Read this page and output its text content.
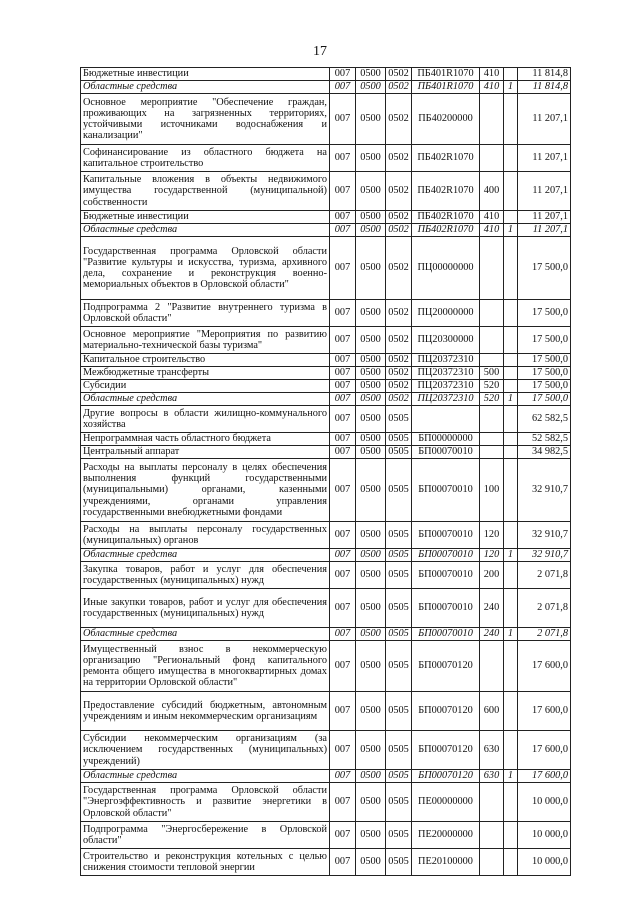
17
Бюджетные инвестиции	007	0500	0502	ПБ401R1070	410		11 814,8
Областные средства	007	0500	0502	ПБ401R1070	410	1	11 814,8
Основное мероприятие "Обеспечение граждан, проживающих на загрязненных территориях, устойчивыми источниками водоснабжения и канализации"	007	0500	0502	ПБ40200000			11 207,1
Софинансирование из областного бюджета на капитальное строительство	007	0500	0502	ПБ402R1070			11 207,1
Капитальные вложения в объекты недвижимого имущества государственной (муниципальной) собственности	007	0500	0502	ПБ402R1070	400		11 207,1
Бюджетные инвестиции	007	0500	0502	ПБ402R1070	410		11 207,1
Областные средства	007	0500	0502	ПБ402R1070	410	1	11 207,1
Государственная программа Орловской области "Развитие культуры и искусства, туризма, архивного дела, сохранение и реконструкция военно-мемориальных объектов в Орловской области"	007	0500	0502	ПЦ00000000			17 500,0
Подпрограмма 2 "Развитие внутреннего туризма в Орловской области"	007	0500	0502	ПЦ20000000			17 500,0
Основное мероприятие "Мероприятия по развитию материально-технической базы туризма"	007	0500	0502	ПЦ20300000			17 500,0
Капитальное строительство	007	0500	0502	ПЦ20372310			17 500,0
Межбюджетные трансферты	007	0500	0502	ПЦ20372310	500		17 500,0
Субсидии	007	0500	0502	ПЦ20372310	520		17 500,0
Областные средства	007	0500	0502	ПЦ20372310	520	1	17 500,0
Другие вопросы в области жилищно-коммунального хозяйства	007	0500	0505				62 582,5
Непрограммная часть областного бюджета	007	0500	0505	БП00000000			52 582,5
Центральный аппарат	007	0500	0505	БП00070010			34 982,5
Расходы на выплаты персоналу в целях обеспечения выполнения функций государственными (муниципальными) органами, казенными учреждениями, органами управления государственными внебюджетными фондами	007	0500	0505	БП00070010	100		32 910,7
Расходы на выплаты персоналу государственных (муниципальных) органов	007	0500	0505	БП00070010	120		32 910,7
Областные средства	007	0500	0505	БП00070010	120	1	32 910,7
Закупка товаров, работ и услуг для обеспечения государственных (муниципальных) нужд	007	0500	0505	БП00070010	200		2 071,8
Иные закупки товаров, работ и услуг для обеспечения государственных (муниципальных) нужд	007	0500	0505	БП00070010	240		2 071,8
Областные средства	007	0500	0505	БП00070010	240	1	2 071,8
Имущественный взнос в некоммерческую организацию "Региональный фонд капитального ремонта общего имущества в многоквартирных домах на территории Орловской области"	007	0500	0505	БП00070120			17 600,0
Предоставление субсидий бюджетным, автономным учреждениям и иным некоммерческим организациям	007	0500	0505	БП00070120	600		17 600,0
Субсидии некоммерческим организациям (за исключением государственных (муниципальных) учреждений)	007	0500	0505	БП00070120	630		17 600,0
Областные средства	007	0500	0505	БП00070120	630	1	17 600,0
Государственная программа Орловской области "Энергоэффективность и развитие энергетики в Орловской области"	007	0500	0505	ПЕ00000000			10 000,0
Подпрограмма "Энергосбережение в Орловской области"	007	0500	0505	ПЕ20000000			10 000,0
Строительство и реконструкция котельных с целью снижения стоимости тепловой энергии	007	0500	0505	ПЕ20100000			10 000,0
